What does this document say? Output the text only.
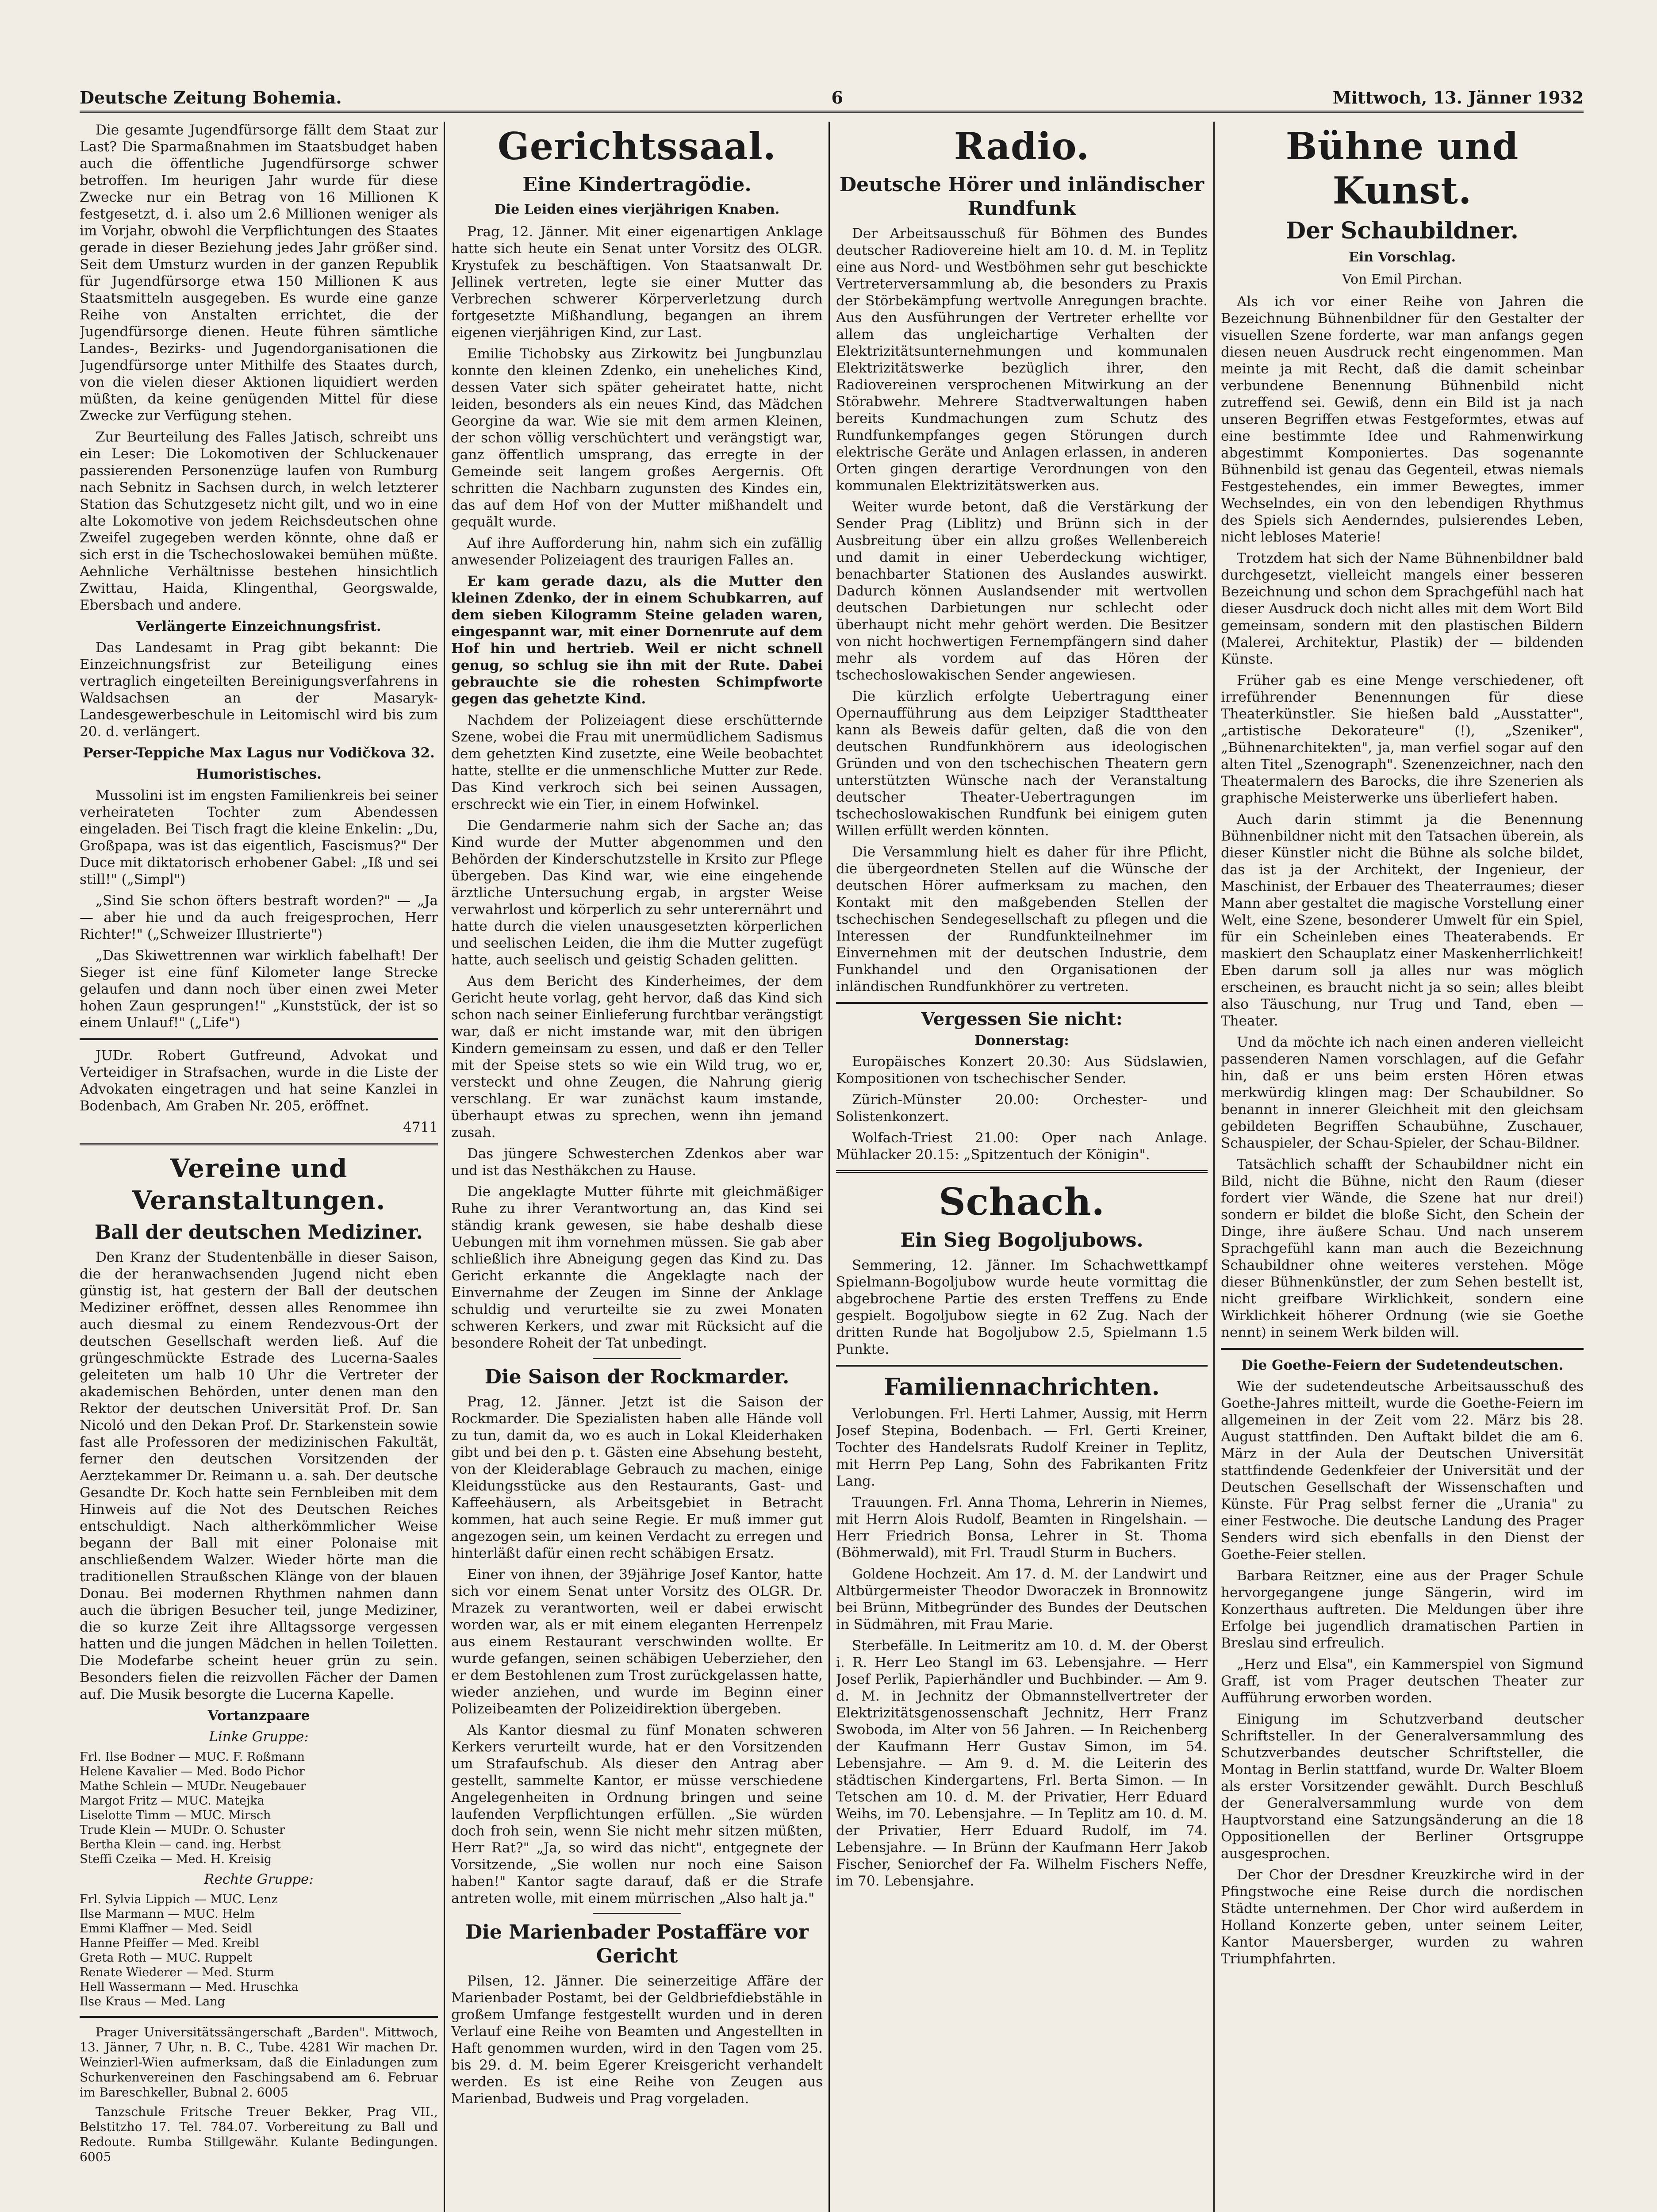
Deutsche Zeitung Bohemia.	6	Mittwoch, 13. Jänner 1932

Die gesamte Jugendfürsorge fällt dem Staat zur Last? Die Sparmaßnahmen im Staatsbudget haben auch die öffentliche Jugendfürsorge schwer betroffen. Im heurigen Jahr wurde für diese Zwecke nur ein Betrag von 16 Millionen K festgesetzt, d. i. also um 2.6 Millionen weniger als im Vorjahr, obwohl die Verpflichtungen des Staates gerade in dieser Beziehung jedes Jahr größer sind. Seit dem Umsturz wurden in der ganzen Republik für Jugendfürsorge etwa 150 Millionen K aus Staatsmitteln ausgegeben. Es wurde eine ganze Reihe von Anstalten errichtet, die der Jugendfürsorge dienen. Heute führen sämtliche Landes-, Bezirks- und Jugendorganisationen die Jugendfürsorge unter Mithilfe des Staates durch, von die vielen dieser Aktionen liquidiert werden müßten, da keine genügenden Mittel für diese Zwecke zur Verfügung stehen.

Zur Beurteilung des Falles Jatisch, schreibt uns ein Leser: Die Lokomotiven der Schluckenauer passierenden Personenzüge laufen von Rumburg nach Sebnitz in Sachsen durch, in welch letzterer Station das Schutzgesetz nicht gilt, und wo in eine alte Lokomotive von jedem Reichsdeutschen ohne Zweifel zugegeben werden könnte, ohne daß er sich erst in die Tschechoslowakei bemühen müßte. Aehnliche Verhältnisse bestehen hinsichtlich Zwittau, Haida, Klingenthal, Georgswalde, Ebersbach und andere.

Verlängerte Einzeichnungsfrist.

Das Landesamt in Prag gibt bekannt: Die Einzeichnungsfrist zur Beteiligung eines vertraglich eingeteilten Bereinigungsverfahrens in Waldsachsen an der Masaryk-Landesgewerbeschule in Leitomischl wird bis zum 20. d. verlängert.

Perser-Teppiche Max Lagus nur Vodičkova 32.

Humoristisches.

Mussolini ist im engsten Familienkreis bei seiner verheirateten Tochter zum Abendessen eingeladen. Bei Tisch fragt die kleine Enkelin: „Du, Großpapa, was ist das eigentlich, Fascismus?" Der Duce mit diktatorisch erhobener Gabel: „Iß und sei still!" („Simpl")

„Sind Sie schon öfters bestraft worden?" — „Ja — aber hie und da auch freigesprochen, Herr Richter!" („Schweizer Illustrierte")

„Das Skiwettrennen war wirklich fabelhaft! Der Sieger ist eine fünf Kilometer lange Strecke gelaufen und dann noch über einen zwei Meter hohen Zaun gesprungen!" „Kunststück, der ist so einem Unlauf!" („Life")

JUDr. Robert Gutfreund, Advokat und Verteidiger in Strafsachen, wurde in die Liste der Advokaten eingetragen und hat seine Kanzlei in Bodenbach, Am Graben Nr. 205, eröffnet.

4711

Vereine und Veranstaltungen.
Ball der deutschen Mediziner.

Den Kranz der Studentenbälle in dieser Saison, die der heranwachsenden Jugend nicht eben günstig ist, hat gestern der Ball der deutschen Mediziner eröffnet, dessen alles Renommee ihn auch diesmal zu einem Rendezvous-Ort der deutschen Gesellschaft werden ließ. Auf die grüngeschmückte Estrade des Lucerna-Saales geleiteten um halb 10 Uhr die Vertreter der akademischen Behörden, unter denen man den Rektor der deutschen Universität Prof. Dr. San Nicoló und den Dekan Prof. Dr. Starkenstein sowie fast alle Professoren der medizinischen Fakultät, ferner den deutschen Vorsitzenden der Aerztekammer Dr. Reimann u. a. sah. Der deutsche Gesandte Dr. Koch hatte sein Fernbleiben mit dem Hinweis auf die Not des Deutschen Reiches entschuldigt. Nach altherkömmlicher Weise begann der Ball mit einer Polonaise mit anschließendem Walzer. Wieder hörte man die traditionellen Straußschen Klänge von der blauen Donau. Bei modernen Rhythmen nahmen dann auch die übrigen Besucher teil, junge Mediziner, die so kurze Zeit ihre Alltagssorge vergessen hatten und die jungen Mädchen in hellen Toiletten. Die Modefarbe scheint heuer grün zu sein. Besonders fielen die reizvollen Fächer der Damen auf. Die Musik besorgte die Lucerna Kapelle.

Vortanzpaare

Linke Gruppe:

Frl. Ilse Bodner — MUC. F. Roßmann

Helene Kavalier — Med. Bodo Pichor

Mathe Schlein — MUDr. Neugebauer

Margot Fritz — MUC. Matejka

Liselotte Timm — MUC. Mirsch

Trude Klein — MUDr. O. Schuster

Bertha Klein — cand. ing. Herbst

Steffi Czeika — Med. H. Kreisig

Rechte Gruppe:

Frl. Sylvia Lippich — MUC. Lenz

Ilse Marmann — MUC. Helm

Emmi Klaffner — Med. Seidl

Hanne Pfeiffer — Med. Kreibl

Greta Roth — MUC. Ruppelt

Renate Wiederer — Med. Sturm

Hell Wassermann — Med. Hruschka

Ilse Kraus — Med. Lang

Prager Universitätssängerschaft „Barden". Mittwoch, 13. Jänner, 7 Uhr, n. B. C., Tube. 4281 Wir machen Dr. Weinzierl-Wien aufmerksam, daß die Einladungen zum Schurkenvereinen den Faschingsabend am 6. Februar im Bareschkeller, Bubnal 2. 6005

Tanzschule Fritsche Treuer Bekker, Prag VII., Belstitzho 17. Tel. 784.07. Vorbereitung zu Ball und Redoute. Rumba Stillgewähr. Kulante Bedingungen. 6005

Gerichtssaal.
Eine Kindertragödie.
Die Leiden eines vierjährigen Knaben.

Prag, 12. Jänner. Mit einer eigenartigen Anklage hatte sich heute ein Senat unter Vorsitz des OLGR. Krystufek zu beschäftigen. Von Staatsanwalt Dr. Jellinek vertreten, legte sie einer Mutter das Verbrechen schwerer Körperverletzung durch fortgesetzte Mißhandlung, begangen an ihrem eigenen vierjährigen Kind, zur Last.

Emilie Tichobsky aus Zirkowitz bei Jungbunzlau konnte den kleinen Zdenko, ein uneheliches Kind, dessen Vater sich später geheiratet hatte, nicht leiden, besonders als ein neues Kind, das Mädchen Georgine da war. Wie sie mit dem armen Kleinen, der schon völlig verschüchtert und verängstigt war, ganz öffentlich umsprang, das erregte in der Gemeinde seit langem großes Aergernis. Oft schritten die Nachbarn zugunsten des Kindes ein, das auf dem Hof von der Mutter mißhandelt und gequält wurde.

Auf ihre Aufforderung hin, nahm sich ein zufällig anwesender Polizeiagent des traurigen Falles an.

Er kam gerade dazu, als die Mutter den kleinen Zdenko, der in einem Schubkarren, auf dem sieben Kilogramm Steine geladen waren, eingespannt war, mit einer Dornenrute auf dem Hof hin und hertrieb. Weil er nicht schnell genug, so schlug sie ihn mit der Rute. Dabei gebrauchte sie die rohesten Schimpfworte gegen das gehetzte Kind.

Nachdem der Polizeiagent diese erschütternde Szene, wobei die Frau mit unermüdlichem Sadismus dem gehetzten Kind zusetzte, eine Weile beobachtet hatte, stellte er die unmenschliche Mutter zur Rede. Das Kind verkroch sich bei seinen Aussagen, erschreckt wie ein Tier, in einem Hofwinkel.

Die Gendarmerie nahm sich der Sache an; das Kind wurde der Mutter abgenommen und den Behörden der Kinderschutzstelle in Krsito zur Pflege übergeben. Das Kind war, wie eine eingehende ärztliche Untersuchung ergab, in argster Weise verwahrlost und körperlich zu sehr unterernährt und hatte durch die vielen unausgesetzten körperlichen und seelischen Leiden, die ihm die Mutter zugefügt hatte, auch seelisch und geistig Schaden gelitten.

Aus dem Bericht des Kinderheimes, der dem Gericht heute vorlag, geht hervor, daß das Kind sich schon nach seiner Einlieferung furchtbar verängstigt war, daß er nicht imstande war, mit den übrigen Kindern gemeinsam zu essen, und daß er den Teller mit der Speise stets so wie ein Wild trug, wo er, versteckt und ohne Zeugen, die Nahrung gierig verschlang. Er war zunächst kaum imstande, überhaupt etwas zu sprechen, wenn ihn jemand zusah.

Das jüngere Schwesterchen Zdenkos aber war und ist das Nesthäkchen zu Hause.

Die angeklagte Mutter führte mit gleichmäßiger Ruhe zu ihrer Verantwortung an, das Kind sei ständig krank gewesen, sie habe deshalb diese Uebungen mit ihm vornehmen müssen. Sie gab aber schließlich ihre Abneigung gegen das Kind zu. Das Gericht erkannte die Angeklagte nach der Einvernahme der Zeugen im Sinne der Anklage schuldig und verurteilte sie zu zwei Monaten schweren Kerkers, und zwar mit Rücksicht auf die besondere Roheit der Tat unbedingt.

Die Saison der Rockmarder.

Prag, 12. Jänner. Jetzt ist die Saison der Rockmarder. Die Spezialisten haben alle Hände voll zu tun, damit da, wo es auch in Lokal Kleiderhaken gibt und bei den p. t. Gästen eine Absehung besteht, von der Kleiderablage Gebrauch zu machen, einige Kleidungsstücke aus den Restaurants, Gast- und Kaffeehäusern, als Arbeitsgebiet in Betracht kommen, hat auch seine Regie. Er muß immer gut angezogen sein, um keinen Verdacht zu erregen und hinterläßt dafür einen recht schäbigen Ersatz.

Einer von ihnen, der 39jährige Josef Kantor, hatte sich vor einem Senat unter Vorsitz des OLGR. Dr. Mrazek zu verantworten, weil er dabei erwischt worden war, als er mit einem eleganten Herrenpelz aus einem Restaurant verschwinden wollte. Er wurde gefangen, seinen schäbigen Ueberzieher, den er dem Bestohlenen zum Trost zurückgelassen hatte, wieder anziehen, und wurde im Beginn einer Polizeibeamten der Polizeidirektion übergeben.

Als Kantor diesmal zu fünf Monaten schweren Kerkers verurteilt wurde, hat er den Vorsitzenden um Strafaufschub. Als dieser den Antrag aber gestellt, sammelte Kantor, er müsse verschiedene Angelegenheiten in Ordnung bringen und seine laufenden Verpflichtungen erfüllen. „Sie würden doch froh sein, wenn Sie nicht mehr sitzen müßten, Herr Rat?" „Ja, so wird das nicht", entgegnete der Vorsitzende, „Sie wollen nur noch eine Saison haben!" Kantor sagte darauf, daß er die Strafe antreten wolle, mit einem mürrischen „Also halt ja."

Die Marienbader Postaffäre vor Gericht

Pilsen, 12. Jänner. Die seinerzeitige Affäre der Marienbader Postamt, bei der Geldbriefdiebstähle in großem Umfange festgestellt wurden und in deren Verlauf eine Reihe von Beamten und Angestellten in Haft genommen wurden, wird in den Tagen vom 25. bis 29. d. M. beim Egerer Kreisgericht verhandelt werden. Es ist eine Reihe von Zeugen aus Marienbad, Budweis und Prag vorgeladen.

Radio.
Deutsche Hörer und inländischer Rundfunk

Der Arbeitsausschuß für Böhmen des Bundes deutscher Radiovereine hielt am 10. d. M. in Teplitz eine aus Nord- und Westböhmen sehr gut beschickte Vertreterversammlung ab, die besonders zu Praxis der Störbekämpfung wertvolle Anregungen brachte. Aus den Ausführungen der Vertreter erhellte vor allem das ungleichartige Verhalten der Elektrizitätsunternehmungen und kommunalen Elektrizitätswerke bezüglich ihrer, den Radiovereinen versprochenen Mitwirkung an der Störabwehr. Mehrere Stadtverwaltungen haben bereits Kundmachungen zum Schutz des Rundfunkempfanges gegen Störungen durch elektrische Geräte und Anlagen erlassen, in anderen Orten gingen derartige Verordnungen von den kommunalen Elektrizitätswerken aus.

Weiter wurde betont, daß die Verstärkung der Sender Prag (Liblitz) und Brünn sich in der Ausbreitung über ein allzu großes Wellenbereich und damit in einer Ueberdeckung wichtiger, benachbarter Stationen des Auslandes auswirkt. Dadurch können Auslandsender mit wertvollen deutschen Darbietungen nur schlecht oder überhaupt nicht mehr gehört werden. Die Besitzer von nicht hochwertigen Fernempfängern sind daher mehr als vordem auf das Hören der tschechoslowakischen Sender angewiesen.

Die kürzlich erfolgte Uebertragung einer Opernaufführung aus dem Leipziger Stadttheater kann als Beweis dafür gelten, daß die von den deutschen Rundfunkhörern aus ideologischen Gründen und von den tschechischen Theatern gern unterstützten Wünsche nach der Veranstaltung deutscher Theater-Uebertragungen im tschechoslowakischen Rundfunk bei einigem guten Willen erfüllt werden könnten.

Die Versammlung hielt es daher für ihre Pflicht, die übergeordneten Stellen auf die Wünsche der deutschen Hörer aufmerksam zu machen, den Kontakt mit den maßgebenden Stellen der tschechischen Sendegesellschaft zu pflegen und die Interessen der Rundfunkteilnehmer im Einvernehmen mit der deutschen Industrie, dem Funkhandel und den Organisationen der inländischen Rundfunkhörer zu vertreten.

Vergessen Sie nicht:

Donnerstag:

Europäisches Konzert 20.30: Aus Südslawien, Kompositionen von tschechischer Sender.

Zürich-Münster 20.00: Orchester- und Solistenkonzert.

Wolfach-Triest 21.00: Oper nach Anlage. Mühlacker 20.15: „Spitzentuch der Königin".

Schach.
Ein Sieg Bogoljubows.

Semmering, 12. Jänner. Im Schachwettkampf Spielmann-Bogoljubow wurde heute vormittag die abgebrochene Partie des ersten Treffens zu Ende gespielt. Bogoljubow siegte in 62 Zug. Nach der dritten Runde hat Bogoljubow 2.5, Spielmann 1.5 Punkte.

Familiennachrichten.

Verlobungen. Frl. Herti Lahmer, Aussig, mit Herrn Josef Stepina, Bodenbach. — Frl. Gerti Kreiner, Tochter des Handelsrats Rudolf Kreiner in Teplitz, mit Herrn Pep Lang, Sohn des Fabrikanten Fritz Lang.

Trauungen. Frl. Anna Thoma, Lehrerin in Niemes, mit Herrn Alois Rudolf, Beamten in Ringelshain. — Herr Friedrich Bonsa, Lehrer in St. Thoma (Böhmerwald), mit Frl. Traudl Sturm in Buchers.

Goldene Hochzeit. Am 17. d. M. der Landwirt und Altbürgermeister Theodor Dworaczek in Bronnowitz bei Brünn, Mitbegründer des Bundes der Deutschen in Südmähren, mit Frau Marie.

Sterbefälle. In Leitmeritz am 10. d. M. der Oberst i. R. Herr Leo Stangl im 63. Lebensjahre. — Herr Josef Perlik, Papierhändler und Buchbinder. — Am 9. d. M. in Jechnitz der Obmannstellvertreter der Elektrizitätsgenossenschaft Jechnitz, Herr Franz Swoboda, im Alter von 56 Jahren. — In Reichenberg der Kaufmann Herr Gustav Simon, im 54. Lebensjahre. — Am 9. d. M. die Leiterin des städtischen Kindergartens, Frl. Berta Simon. — In Tetschen am 10. d. M. der Privatier, Herr Eduard Weihs, im 70. Lebensjahre. — In Teplitz am 10. d. M. der Privatier, Herr Eduard Rudolf, im 74. Lebensjahre. — In Brünn der Kaufmann Herr Jakob Fischer, Seniorchef der Fa. Wilhelm Fischers Neffe, im 70. Lebensjahre.

Bühne und Kunst.
Der Schaubildner.
Ein Vorschlag.
Von Emil Pirchan.

Als ich vor einer Reihe von Jahren die Bezeichnung Bühnenbildner für den Gestalter der visuellen Szene forderte, war man anfangs gegen diesen neuen Ausdruck recht eingenommen. Man meinte ja mit Recht, daß die damit scheinbar verbundene Benennung Bühnenbild nicht zutreffend sei. Gewiß, denn ein Bild ist ja nach unseren Begriffen etwas Festgeformtes, etwas auf eine bestimmte Idee und Rahmenwirkung abgestimmt Komponiertes. Das sogenannte Bühnenbild ist genau das Gegenteil, etwas niemals Festgestehendes, ein immer Bewegtes, immer Wechselndes, ein von den lebendigen Rhythmus des Spiels sich Aenderndes, pulsierendes Leben, nicht lebloses Materie!

Trotzdem hat sich der Name Bühnenbildner bald durchgesetzt, vielleicht mangels einer besseren Bezeichnung und schon dem Sprachgefühl nach hat dieser Ausdruck doch nicht alles mit dem Wort Bild gemeinsam, sondern mit den plastischen Bildern (Malerei, Architektur, Plastik) der — bildenden Künste.

Früher gab es eine Menge verschiedener, oft irreführender Benennungen für diese Theaterkünstler. Sie hießen bald „Ausstatter", „artistische Dekorateure" (!), „Szeniker", „Bühnenarchitekten", ja, man verfiel sogar auf den alten Titel „Szenograph". Szenenzeichner, nach den Theatermalern des Barocks, die ihre Szenerien als graphische Meisterwerke uns überliefert haben.

Auch darin stimmt ja die Benennung Bühnenbildner nicht mit den Tatsachen überein, als dieser Künstler nicht die Bühne als solche bildet, das ist ja der Architekt, der Ingenieur, der Maschinist, der Erbauer des Theaterraumes; dieser Mann aber gestaltet die magische Vorstellung einer Welt, eine Szene, besonderer Umwelt für ein Spiel, für ein Scheinleben eines Theaterabends. Er maskiert den Schauplatz einer Maskenherrlichkeit! Eben darum soll ja alles nur was möglich erscheinen, es braucht nicht ja so sein; alles bleibt also Täuschung, nur Trug und Tand, eben — Theater.

Und da möchte ich nach einen anderen vielleicht passenderen Namen vorschlagen, auf die Gefahr hin, daß er uns beim ersten Hören etwas merkwürdig klingen mag: Der Schaubildner. So benannt in innerer Gleichheit mit den gleichsam gebildeten Begriffen Schaubühne, Zuschauer, Schauspieler, der Schau-Spieler, der Schau-Bildner.

Tatsächlich schafft der Schaubildner nicht ein Bild, nicht die Bühne, nicht den Raum (dieser fordert vier Wände, die Szene hat nur drei!) sondern er bildet die bloße Sicht, den Schein der Dinge, ihre äußere Schau. Und nach unserem Sprachgefühl kann man auch die Bezeichnung Schaubildner ohne weiteres verstehen. Möge dieser Bühnenkünstler, der zum Sehen bestellt ist, nicht greifbare Wirklichkeit, sondern eine Wirklichkeit höherer Ordnung (wie sie Goethe nennt) in seinem Werk bilden will.

Die Goethe-Feiern der Sudetendeutschen.

Wie der sudetendeutsche Arbeitsausschuß des Goethe-Jahres mitteilt, wurde die Goethe-Feiern im allgemeinen in der Zeit vom 22. März bis 28. August stattfinden. Den Auftakt bildet die am 6. März in der Aula der Deutschen Universität stattfindende Gedenkfeier der Universität und der Deutschen Gesellschaft der Wissenschaften und Künste. Für Prag selbst ferner die „Urania" zu einer Festwoche. Die deutsche Landung des Prager Senders wird sich ebenfalls in den Dienst der Goethe-Feier stellen.

Barbara Reitzner, eine aus der Prager Schule hervorgegangene junge Sängerin, wird im Konzerthaus auftreten. Die Meldungen über ihre Erfolge bei jugendlich dramatischen Partien in Breslau sind erfreulich.

„Herz und Elsa", ein Kammerspiel von Sigmund Graff, ist vom Prager deutschen Theater zur Aufführung erworben worden.

Einigung im Schutzverband deutscher Schriftsteller. In der Generalversammlung des Schutzverbandes deutscher Schriftsteller, die Montag in Berlin stattfand, wurde Dr. Walter Bloem als erster Vorsitzender gewählt. Durch Beschluß der Generalversammlung wurde von dem Hauptvorstand eine Satzungsänderung an die 18 Oppositionellen der Berliner Ortsgruppe ausgesprochen.

Der Chor der Dresdner Kreuzkirche wird in der Pfingstwoche eine Reise durch die nordischen Städte unternehmen. Der Chor wird außerdem in Holland Konzerte geben, unter seinem Leiter, Kantor Mauersberger, wurden zu wahren Triumphfahrten.
